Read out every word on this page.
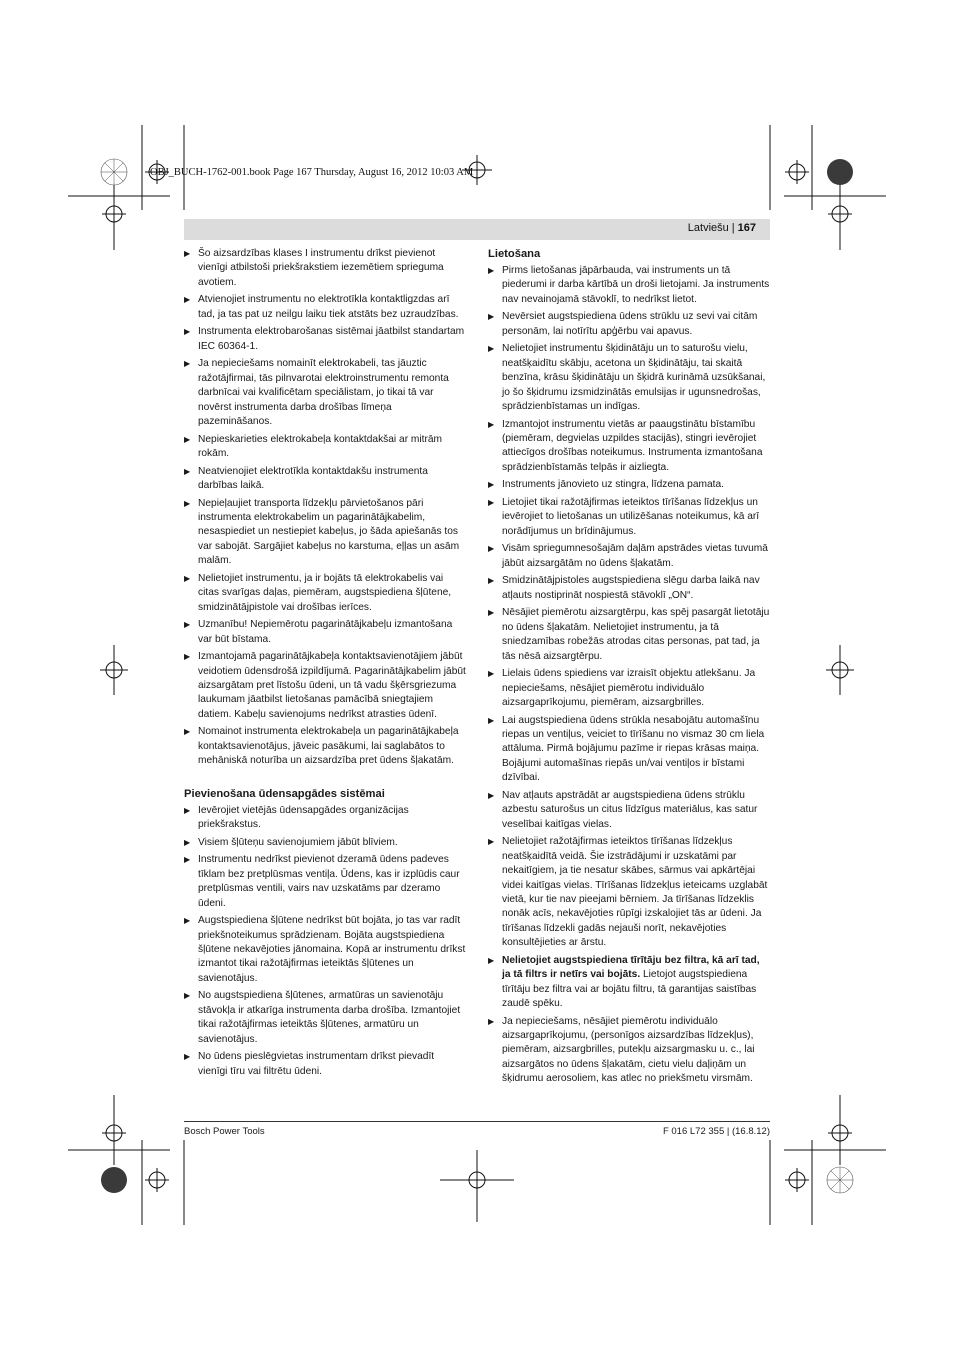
OBJ_BUCH-1762-001.book Page 167 Thursday, August 16, 2012 10:03 AM
Latviešu | 167
▶ Šo aizsardzības klases I instrumentu drīkst pievienot vienīgi atbilstoši priekšrakstiem iezemētiem sprieguma avotiem.
▶ Atvienojiet instrumentu no elektrotīkla kontaktligzdas arī tad, ja tas pat uz neilgu laiku tiek atstāts bez uzraudzības.
▶ Instrumenta elektrobarošanas sistēmai jāatbilst standartam IEC 60364-1.
▶ Ja nepieciešams nomainīt elektrokabeli, tas jāuztic ražotājfirmai, tās pilnvarotai elektroinstrumentu remonta darbnīcai vai kvalificētam speciālistam, jo tikai tā var novērst instrumenta darba drošības līmeņa pazemināšanos.
▶ Nepieskarieties elektrokabeļa kontaktdakšai ar mitrām rokām.
▶ Neatvienojiet elektrotīkla kontaktdakšu instrumenta darbības laikā.
▶ Nepieļaujiet transporta līdzekļu pārvietošanos pāri instrumenta elektrokabelim un pagarinātājkabelim, nesaspiediet un nestiepiet kabeļus, jo šāda apiešanās tos var sabojāt. Sargājiet kabeļus no karstuma, eļļas un asām malām.
▶ Nelietojiet instrumentu, ja ir bojāts tā elektrokabelis vai citas svarīgas daļas, piemēram, augstspiediena šļūtene, smidzinātājpistole vai drošības ierīces.
▶ Uzmanību! Nepiemērotu pagarinātājkabeļu izmantošana var būt bīstama.
▶ Izmantojamā pagarinātājkabeļa kontaktsavienotājiem jābūt veidotiem ūdensdrošā izpildījumā. Pagarinātājkabelim jābūt aizsargātam pret līstošu ūdeni, un tā vadu šķērsgriezuma laukumam jāatbilst lietošanas pamācībā sniegtajiem datiem. Kabeļu savienojums nedrīkst atrasties ūdenī.
▶ Nomainot instrumenta elektrokabeļa un pagarinātājkabeļa kontaktsavienotājus, jāveic pasākumi, lai saglabātos to mehāniskā noturība un aizsardzība pret ūdens šļakatām.
Pievienošana ūdensapgādes sistēmai
▶ Ievērojiet vietējās ūdensapgādes organizācijas priekšrakstus.
▶ Visiem šļūteņu savienojumiem jābūt blīviem.
▶ Instrumentu nedrīkst pievienot dzeramā ūdens padeves tīklam bez pretplūsmas ventiļa. Ūdens, kas ir izplūdis caur pretplūsmas ventili, vairs nav uzskatāms par dzeramo ūdeni.
▶ Augstspiediena šļūtene nedrīkst būt bojāta, jo tas var radīt priekšnoteikumus sprādzienam. Bojāta augstspiediena šļūtene nekavējoties jānomaina. Kopā ar instrumentu drīkst izmantot tikai ražotājfirmas ieteiktās šļūtenes un savienotājus.
▶ No augstspiediena šļūtenes, armatūras un savienotāju stāvokļa ir atkarīga instrumenta darba drošība. Izmantojiet tikai ražotājfirmas ieteiktās šļūtenes, armatūru un savienotājus.
▶ No ūdens pieslēgvietas instrumentam drīkst pievadīt vienīgi tīru vai filtrētu ūdeni.
Lietošana
▶ Pirms lietošanas jāpārbauda, vai instruments un tā piederumi ir darba kārtībā un droši lietojami. Ja instruments nav nevainojamā stāvoklī, to nedrīkst lietot.
▶ Nevērsiet augstspiediena ūdens strūklu uz sevi vai citām personām, lai notīrītu apģērbu vai apavus.
▶ Nelietojiet instrumentu šķidinātāju un to saturošu vielu, neatšķaidītu skābju, acetona un šķidinātāju, tai skaitā benzīna, krāsu šķidinātāju un šķidrā kurināmā uzsūkšanai, jo šo šķidrumu izsmidzinātās emulsijas ir ugunsnedrošas, sprādzienbīstamas un indīgas.
▶ Izmantojot instrumentu vietās ar paaugstinātu bīstamību (piemēram, degvielas uzpildes stacijās), stingri ievērojiet attiecīgos drošības noteikumus. Instrumenta izmantošana sprādzienbīstamās telpās ir aizliegta.
▶ Instruments jānovieto uz stingra, līdzena pamata.
▶ Lietojiet tikai ražotājfirmas ieteiktos tīrīšanas līdzekļus un ievērojiet to lietošanas un utilizēšanas noteikumus, kā arī norādījumus un brīdinājumus.
▶ Visām spriegumnesošajām daļām apstrādes vietas tuvumā jābūt aizsargātām no ūdens šļakatām.
▶ Smidzinātājpistoles augstspiediena slēgu darba laikā nav atļauts nostiprināt nospiestā stāvoklī „ON“.
▶ Nēsājiet piemērotu aizsargtērpu, kas spēj pasargāt lietotāju no ūdens šļakatām. Nelietojiet instrumentu, ja tā sniedzamības robežās atrodas citas personas, pat tad, ja tās nēsā aizsargtērpu.
▶ Lielais ūdens spiediens var izraisīt objektu atlekšanu. Ja nepieciešams, nēsājiet piemērotu individuālo aizsargaprīkojumu, piemēram, aizsargbrilles.
▶ Lai augstspiediena ūdens strūkla nesabojātu automašīnu riepas un ventiļus, veiciet to tīrīšanu no vismaz 30 cm liela attāluma. Pirmā bojājumu pazīme ir riepas krāsas maiņa. Bojājumi automašīnas riepās un/vai ventiļos ir bīstami dzīvībai.
▶ Nav atļauts apstrādāt ar augstspiediena ūdens strūklu azbestu saturošus un citus līdzīgus materiālus, kas satur veselībai kaitīgas vielas.
▶ Nelietojiet ražotājfirmas ieteiktos tīrīšanas līdzekļus neatšķaidītā veidā. Šie izstrādājumi ir uzskatāmi par nekaitīgiem, ja tie nesatur skābes, sārmus vai apkārtējai videi kaitīgas vielas. Tīrīšanas līdzekļus ieteicams uzglabāt vietā, kur tie nav pieejami bērniem. Ja tīrīšanas līdzeklis nonāk acīs, nekavējoties rūpīgi izskalojiet tās ar ūdeni. Ja tīrīšanas līdzekli gadās nejauši norīt, nekavējoties konsultējieties ar ārstu.
▶ Nelietojiet augstspiediena tīrītāju bez filtra, kā arī tad, ja tā filtrs ir netīrs vai bojāts. Lietojot augstspiediena tīrītāju bez filtra vai ar bojātu filtru, tā garantijas saistības zaudē spēku.
▶ Ja nepieciešams, nēsājiet piemērotu individuālo aizsargaprīkojumu, (personīgos aizsardzības līdzekļus), piemēram, aizsargbrilles, putekļu aizsargmasku u. c., lai aizsargātos no ūdens šļakatām, cietu vielu daļiņām un šķidrumu aerosoliem, kas atlec no priekšmetu virsmām.
Bosch Power Tools	F 016 L72 355 | (16.8.12)
